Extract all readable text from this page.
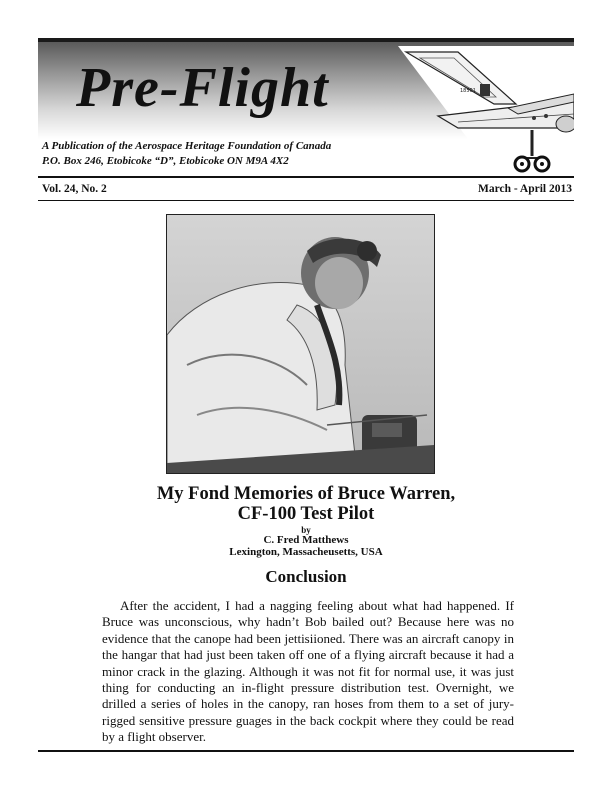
Pre-Flight	18501
A Publication of the Aerospace Heritage Foundation of Canada
P.O. Box 246, Etobicoke “D”, Etobicoke ON M9A 4X2
Vol. 24, No. 2	March - April 2013
My Fond Memories of Bruce Warren,
CF-100 Test Pilot
by
C. Fred Matthews
Lexington, Massacheusetts, USA
Conclusion
After the accident, I had a nagging feeling about what had happened. If Bruce was unconscious, why hadn’t Bob bailed out? Because here was no evidence that the canope had been jettisiioned. There was an aircraft canopy in the hangar that had just been taken off one of a flying aircraft because it had a minor crack in the glazing. Although it was not fit for normal use, it was just thing for conducting an in-flight pressure distribution test. Overnight, we drilled a series of holes in the canopy, ran hoses from them to a set of jury-rigged sensitive pressure guages in the back cockpit where they could be read by a flight observer.
